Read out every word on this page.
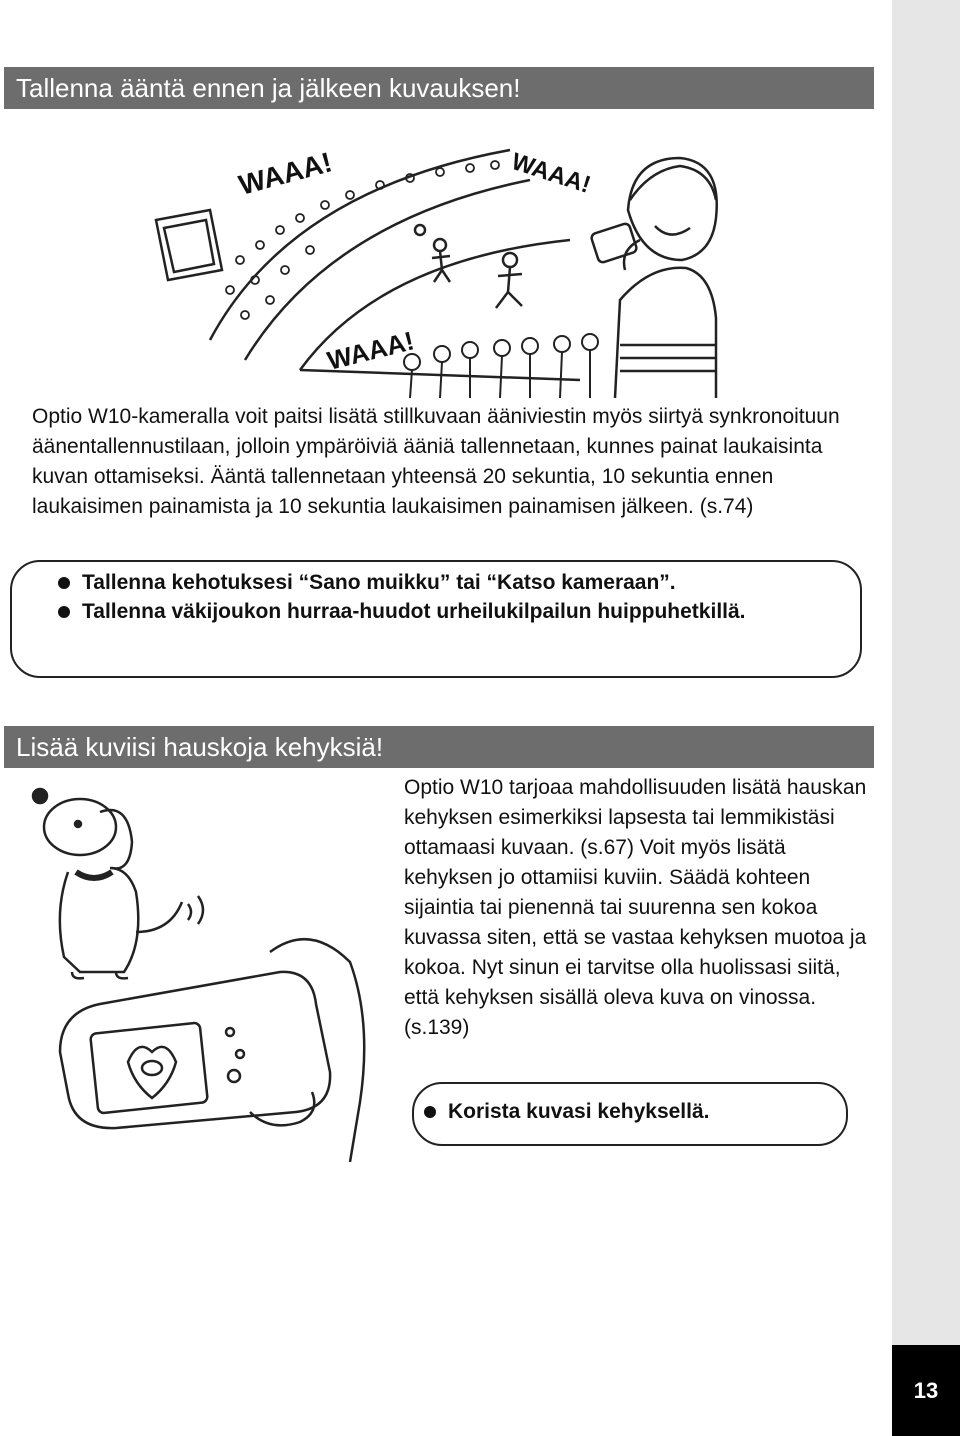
Tallenna ääntä ennen ja jälkeen kuvauksen!
WAAA!	WAAA!
WAAA!

Optio W10-kameralla voit paitsi lisätä stillkuvaan ääniviestin myös siirtyä synkronoituun äänentallennustilaan, jolloin ympäröiviä ääniä tallennetaan, kunnes painat laukaisinta kuvan ottamiseksi. Ääntä tallennetaan yhteensä 20 sekuntia, 10 sekuntia ennen laukaisimen painamista ja 10 sekuntia laukaisimen painamisen jälkeen. (s.74)

Tallenna kehotuksesi “Sano muikku” tai “Katso kameraan”.
Tallenna väkijoukon hurraa-huudot urheilukilpailun huippuhetkillä.
Lisää kuviisi hauskoja kehyksiä!

Optio W10 tarjoaa mahdollisuuden lisätä hauskan kehyksen esimerkiksi lapsesta tai lemmikistäsi ottamaasi kuvaan. (s.67) Voit myös lisätä kehyksen jo ottamiisi kuviin. Säädä kohteen sijaintia tai pienennä tai suurenna sen kokoa kuvassa siten, että se vastaa kehyksen muotoa ja kokoa. Nyt sinun ei tarvitse olla huolissasi siitä, että kehyksen sisällä oleva kuva on vinossa. (s.139)

Korista kuvasi kehyksellä.
13
